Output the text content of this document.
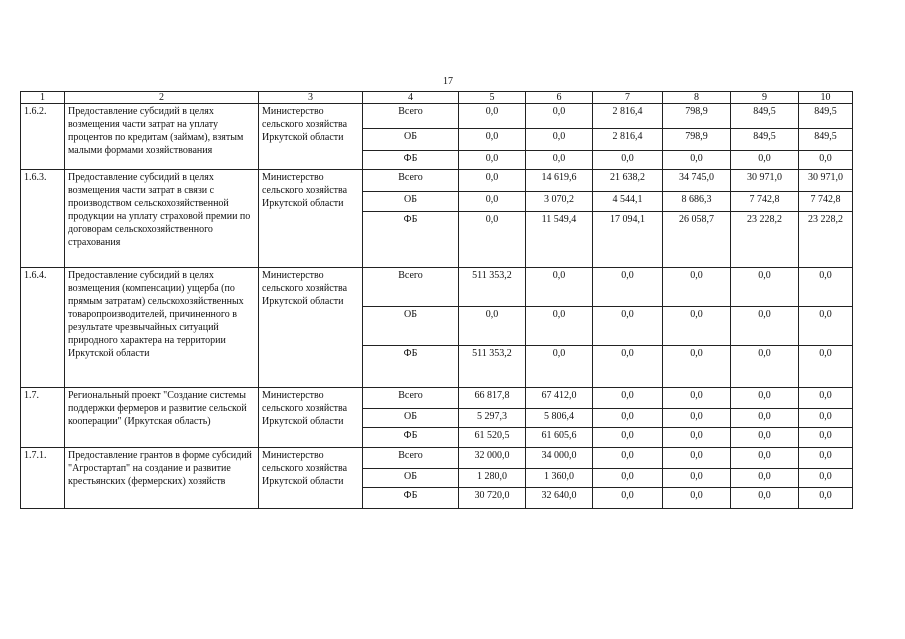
17
1	2	3	4	5	6	7	8	9	10
1.6.2.	Предоставление субсидий в целях возмещения части затрат на уплату процентов по кредитам (займам), взятым малыми формами хозяйствования	Министерство сельского хозяйства Иркутской области	Всего	0,0	0,0	2 816,4	798,9	849,5	849,5
			ОБ	0,0	0,0	2 816,4	798,9	849,5	849,5
			ФБ	0,0	0,0	0,0	0,0	0,0	0,0
1.6.3.	Предоставление субсидий в целях возмещения части затрат в связи с производством сельскохозяйственной продукции на уплату страховой премии по договорам сельскохозяйственного страхования	Министерство сельского хозяйства Иркутской области	Всего	0,0	14 619,6	21 638,2	34 745,0	30 971,0	30 971,0
			ОБ	0,0	3 070,2	4 544,1	8 686,3	7 742,8	7 742,8
			ФБ	0,0	11 549,4	17 094,1	26 058,7	23 228,2	23 228,2
1.6.4.	Предоставление субсидий в целях возмещения (компенсации) ущерба (по прямым затратам) сельскохозяйственных товаропроизводителей, причиненного в результате чрезвычайных ситуаций природного характера на территории Иркутской области	Министерство сельского хозяйства Иркутской области	Всего	511 353,2	0,0	0,0	0,0	0,0	0,0
			ОБ	0,0	0,0	0,0	0,0	0,0	0,0
			ФБ	511 353,2	0,0	0,0	0,0	0,0	0,0
1.7.	Региональный проект "Создание системы поддержки фермеров и развитие сельской кооперации" (Иркутская область)	Министерство сельского хозяйства Иркутской области	Всего	66 817,8	67 412,0	0,0	0,0	0,0	0,0
			ОБ	5 297,3	5 806,4	0,0	0,0	0,0	0,0
			ФБ	61 520,5	61 605,6	0,0	0,0	0,0	0,0
1.7.1.	Предоставление грантов в форме субсидий "Агростартап" на создание и развитие крестьянских (фермерских) хозяйств	Министерство сельского хозяйства Иркутской области	Всего	32 000,0	34 000,0	0,0	0,0	0,0	0,0
			ОБ	1 280,0	1 360,0	0,0	0,0	0,0	0,0
			ФБ	30 720,0	32 640,0	0,0	0,0	0,0	0,0
